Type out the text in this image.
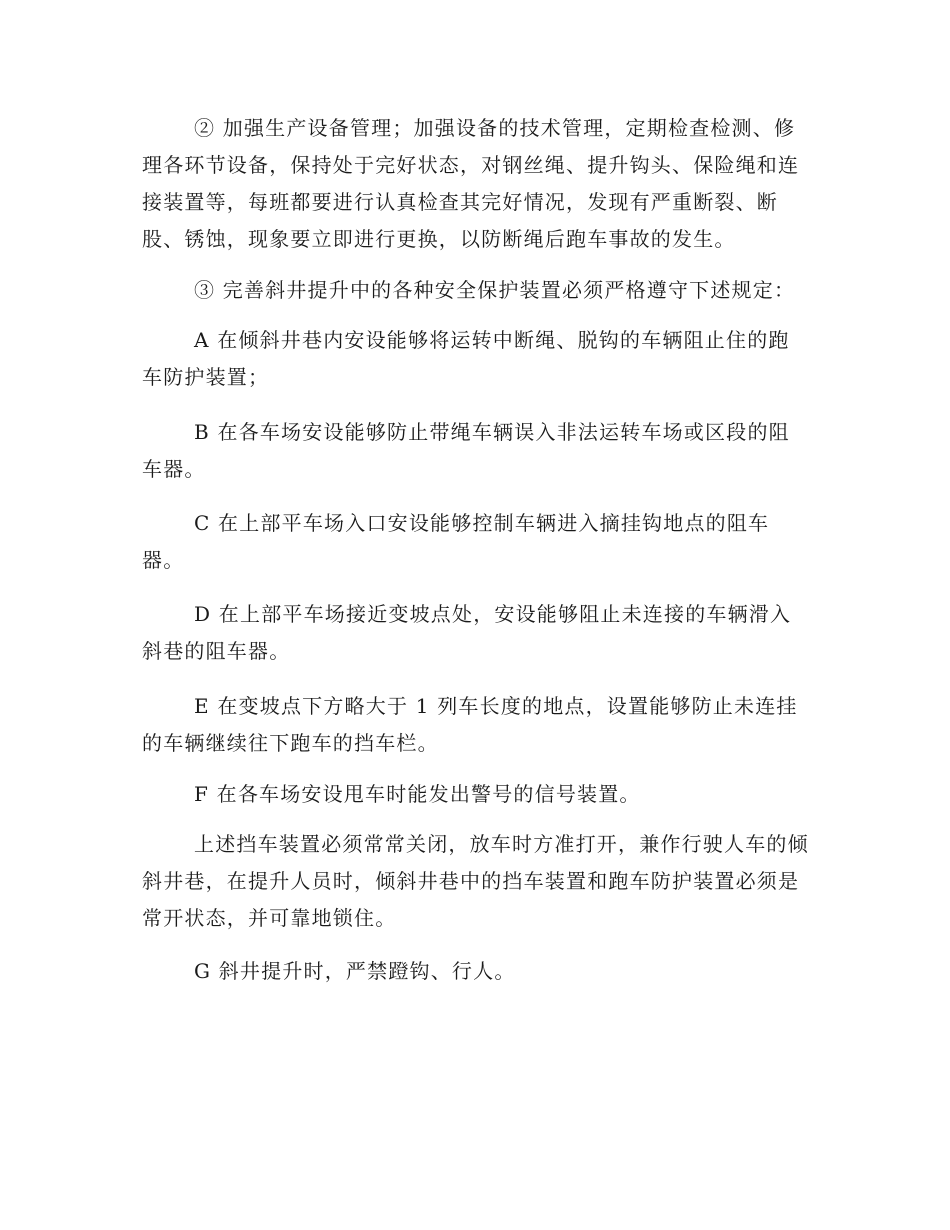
② 加强生产设备管理；加强设备的技术管理，定期检查检测、修理各环节设备，保持处于完好状态，对钢丝绳、提升钩头、保险绳和连接装置等，每班都要进行认真检查其完好情况，发现有严重断裂、断股、锈蚀，现象要立即进行更换，以防断绳后跑车事故的发生。

③ 完善斜井提升中的各种安全保护装置必须严格遵守下述规定：

A 在倾斜井巷内安设能够将运转中断绳、脱钩的车辆阻止住的跑车防护装置；

B 在各车场安设能够防止带绳车辆误入非法运转车场或区段的阻车器。

C 在上部平车场入口安设能够控制车辆进入摘挂钩地点的阻车器。

D 在上部平车场接近变坡点处，安设能够阻止未连接的车辆滑入斜巷的阻车器。

E 在变坡点下方略大于 1 列车长度的地点，设置能够防止未连挂的车辆继续往下跑车的挡车栏。

F 在各车场安设甩车时能发出警号的信号装置。

上述挡车装置必须常常关闭，放车时方准打开，兼作行驶人车的倾斜井巷，在提升人员时，倾斜井巷中的挡车装置和跑车防护装置必须是常开状态，并可靠地锁住。

G 斜井提升时，严禁蹬钩、行人。
